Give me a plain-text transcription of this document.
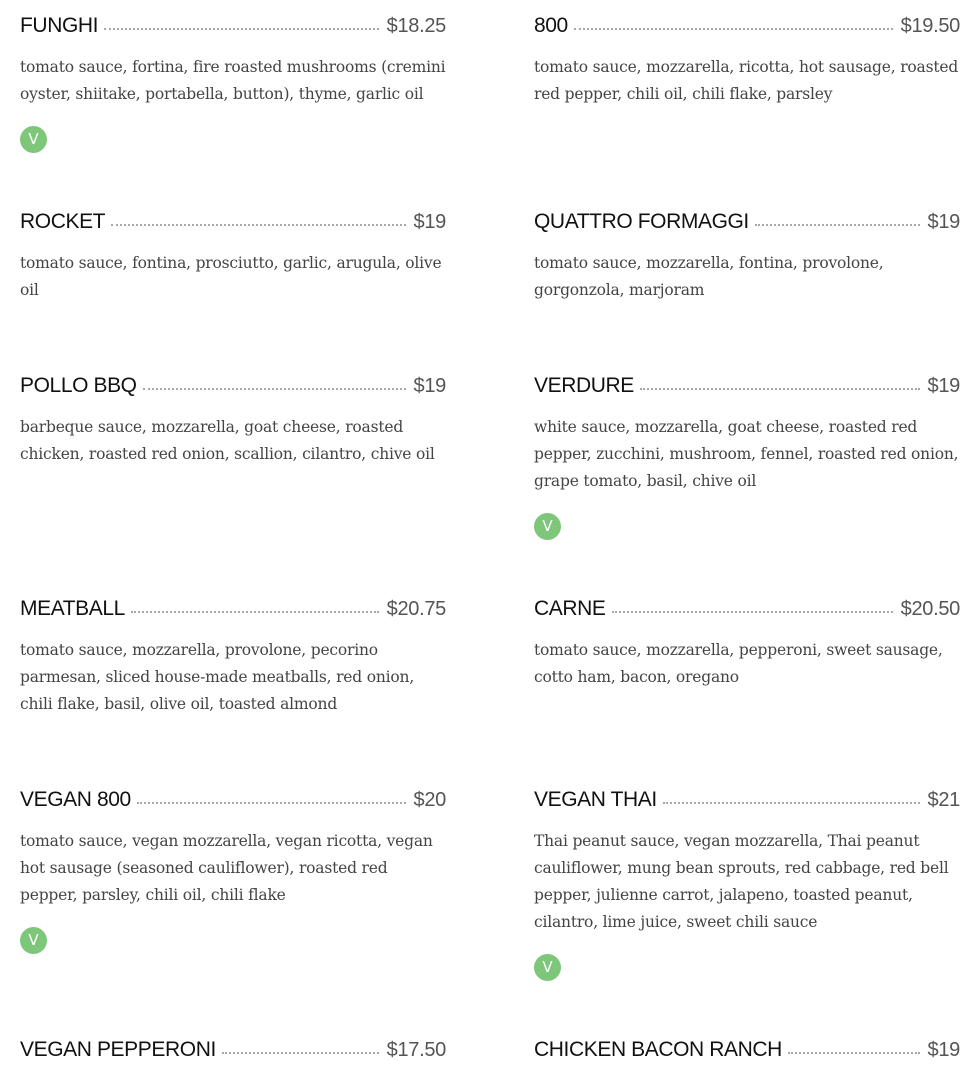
FUNGHI	$18.25
tomato sauce, fortina, fire roasted mushrooms (cremini oyster, shiitake, portabella, button), thyme, garlic oil
V
800	$19.50
tomato sauce, mozzarella, ricotta, hot sausage, roasted red pepper, chili oil, chili flake, parsley
ROCKET	$19
tomato sauce, fontina, prosciutto, garlic, arugula, olive oil
QUATTRO FORMAGGI	$19
tomato sauce, mozzarella, fontina, provolone, gorgonzola, marjoram
POLLO BBQ	$19
barbeque sauce, mozzarella, goat cheese, roasted chicken, roasted red onion, scallion, cilantro, chive oil
VERDURE	$19
white sauce, mozzarella, goat cheese, roasted red pepper, zucchini, mushroom, fennel, roasted red onion, grape tomato, basil, chive oil
V
MEATBALL	$20.75
tomato sauce, mozzarella, provolone, pecorino parmesan, sliced house-made meatballs, red onion, chili flake, basil, olive oil, toasted almond
CARNE	$20.50
tomato sauce, mozzarella, pepperoni, sweet sausage, cotto ham, bacon, oregano
VEGAN 800	$20
tomato sauce, vegan mozzarella, vegan ricotta, vegan hot sausage (seasoned cauliflower), roasted red pepper, parsley, chili oil, chili flake
V
VEGAN THAI	$21
Thai peanut sauce, vegan mozzarella, Thai peanut cauliflower, mung bean sprouts, red cabbage, red bell pepper, julienne carrot, jalapeno, toasted peanut, cilantro, lime juice, sweet chili sauce
V
VEGAN PEPPERONI	$17.50	CHICKEN BACON RANCH	$19
